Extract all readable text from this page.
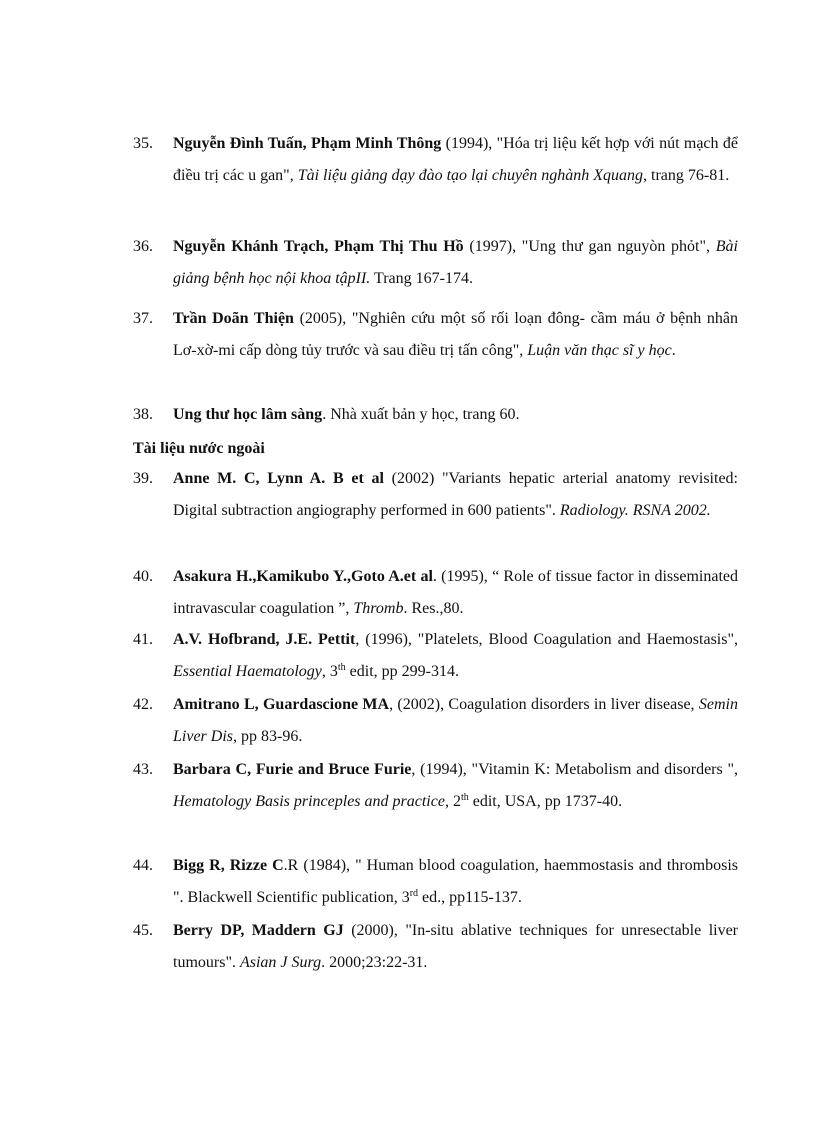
35.	Nguyễn Đình Tuấn, Phạm Minh Thông (1994), "Hóa trị liệu kết hợp với nút mạch để điều trị các u gan", Tài liệu giảng dạy đào tạo lại chuyên nghành Xquang, trang 76-81.
36.	Nguyễn Khánh Trạch, Phạm Thị Thu Hồ (1997), "Ung thư gan nguyòn phỏt", Bài giảng bệnh học nội khoa tậpII. Trang 167-174.
37.	Trần Doãn Thiện (2005), "Nghiên cứu một số rối loạn đông- cầm máu ở bệnh nhân Lơ-xờ-mi cấp dòng tủy trước và sau điều trị tấn công", Luận văn thạc sĩ y học.
38.	Ung thư học lâm sàng. Nhà xuất bản y học, trang 60.
Tài liệu nước ngoài
39.	Anne M. C, Lynn A. B et al (2002) "Variants hepatic arterial anatomy revisited: Digital subtraction angiography performed in 600 patients". Radiology. RSNA 2002.
40.	Asakura H.,Kamikubo Y.,Goto A.et al. (1995), “ Role of tissue factor in disseminated intravascular coagulation ”, Thromb. Res.,80.
41.	A.V. Hofbrand, J.E. Pettit, (1996), "Platelets, Blood Coagulation and Haemostasis", Essential Haematology, 3th edit, pp 299-314.
42.	Amitrano L, Guardascione MA, (2002), Coagulation disorders in liver disease, Semin Liver Dis, pp 83-96.
43.	Barbara C, Furie and Bruce Furie, (1994), "Vitamin K: Metabolism and disorders ", Hematology Basis princeples and practice, 2th edit, USA, pp 1737-40.
44.	Bigg R, Rizze C.R (1984), " Human blood coagulation, haemmostasis and thrombosis ". Blackwell Scientific publication, 3rd ed., pp115-137.
45.	Berry DP, Maddern GJ (2000), "In-situ ablative techniques for unresectable liver tumours". Asian J Surg. 2000;23:22-31.
